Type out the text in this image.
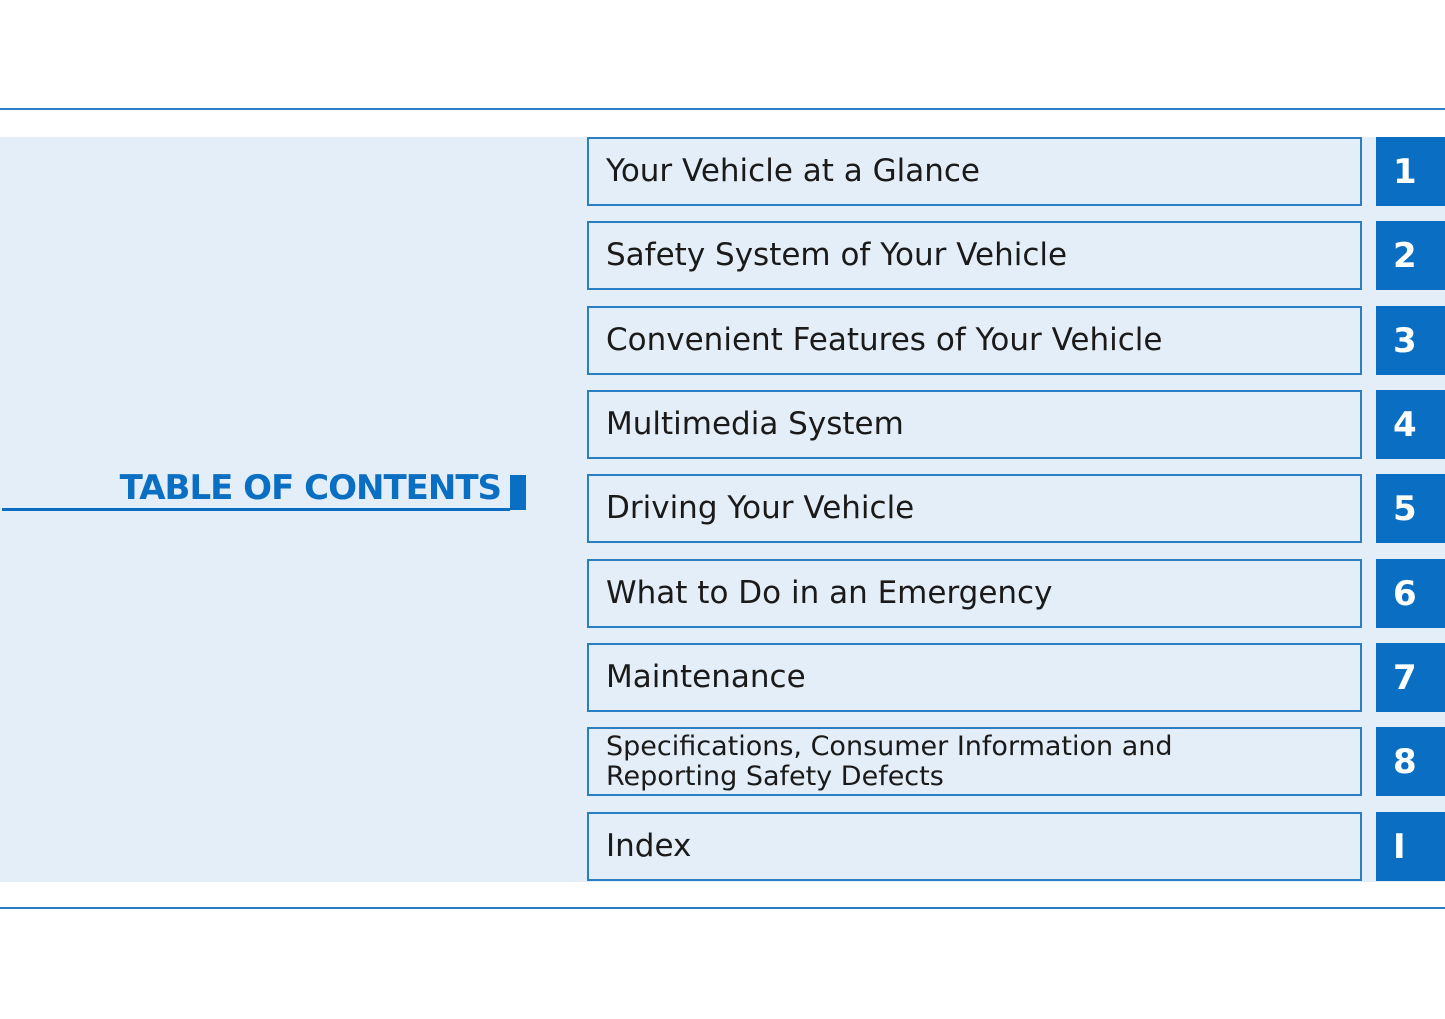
TABLE OF CONTENTS
Your Vehicle at a Glance	1
Safety System of Your Vehicle	2
Convenient Features of Your Vehicle	3
Multimedia System	4
Driving Your Vehicle	5
What to Do in an Emergency	6
Maintenance	7
Specifications, Consumer Information and
Reporting Safety Defects	8
Index	I
